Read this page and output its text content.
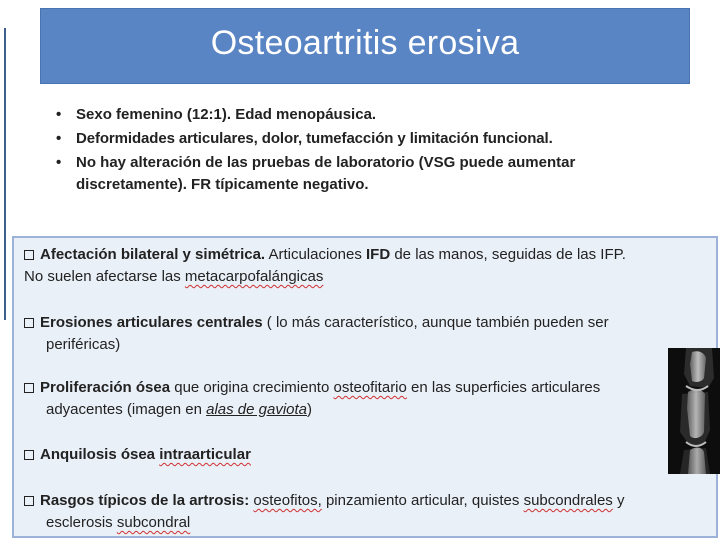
Osteoartritis erosiva
• Sexo femenino (12:1). Edad menopáusica.
• Deformidades articulares, dolor, tumefacción y limitación funcional.
• No hay alteración de las pruebas de laboratorio (VSG puede aumentar
discretamente). FR típicamente negativo.
Afectación bilateral y simétrica. Articulaciones IFD de las manos, seguidas de las IFP.
No suelen afectarse las metacarpofalángicas
Erosiones articulares centrales ( lo más característico, aunque también pueden ser
periféricas)
Proliferación ósea que origina crecimiento osteofitario en las superficies articulares
adyacentes (imagen en alas de gaviota)
Anquilosis ósea intraarticular
Rasgos típicos de la artrosis: osteofitos, pinzamiento articular, quistes subcondrales y
esclerosis subcondral
